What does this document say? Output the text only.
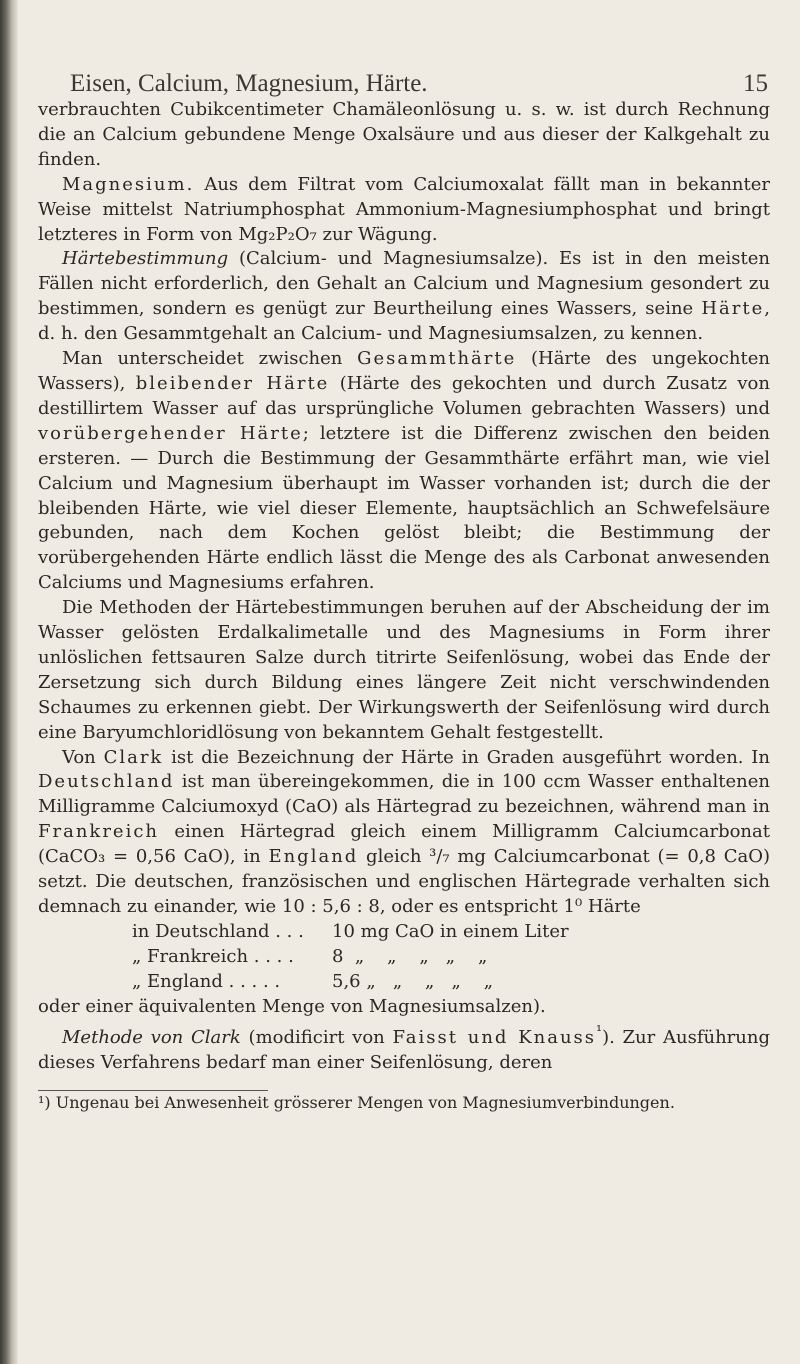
Eisen, Calcium, Magnesium, Härte.	15

verbrauchten Cubikcentimeter Chamäleonlösung u. s. w. ist durch Rechnung die an Calcium gebundene Menge Oxalsäure und aus dieser der Kalkgehalt zu finden.

Magnesium. Aus dem Filtrat vom Calciumoxalat fällt man in bekannter Weise mittelst Natriumphosphat Ammonium-Magnesiumphosphat und bringt letzteres in Form von Mg₂P₂O₇ zur Wägung.

Härtebestimmung (Calcium- und Magnesiumsalze). Es ist in den meisten Fällen nicht erforderlich, den Gehalt an Calcium und Magnesium gesondert zu bestimmen, sondern es genügt zur Beurtheilung eines Wassers, seine Härte, d. h. den Gesammtgehalt an Calcium- und Magnesiumsalzen, zu kennen.

Man unterscheidet zwischen Gesammthärte (Härte des ungekochten Wassers), bleibender Härte (Härte des gekochten und durch Zusatz von destillirtem Wasser auf das ursprüngliche Volumen gebrachten Wassers) und vorübergehender Härte; letztere ist die Differenz zwischen den beiden ersteren. — Durch die Bestimmung der Gesammthärte erfährt man, wie viel Calcium und Magnesium überhaupt im Wasser vorhanden ist; durch die der bleibenden Härte, wie viel dieser Elemente, hauptsächlich an Schwefelsäure gebunden, nach dem Kochen gelöst bleibt; die Bestimmung der vorübergehenden Härte endlich lässt die Menge des als Carbonat anwesenden Calciums und Magnesiums erfahren.

Die Methoden der Härtebestimmungen beruhen auf der Abscheidung der im Wasser gelösten Erdalkalimetalle und des Magnesiums in Form ihrer unlöslichen fettsauren Salze durch titrirte Seifenlösung, wobei das Ende der Zersetzung sich durch Bildung eines längere Zeit nicht verschwindenden Schaumes zu erkennen giebt. Der Wirkungswerth der Seifenlösung wird durch eine Baryumchloridlösung von bekanntem Gehalt festgestellt.

Von Clark ist die Bezeichnung der Härte in Graden ausgeführt worden. In Deutschland ist man übereingekommen, die in 100 ccm Wasser enthaltenen Milligramme Calciumoxyd (CaO) als Härtegrad zu bezeichnen, während man in Frankreich einen Härtegrad gleich einem Milligramm Calciumcarbonat (CaCO₃ = 0,56 CaO), in England gleich ³/₇ mg Calciumcarbonat (= 0,8 CaO) setzt. Die deutschen, französischen und englischen Härtegrade verhalten sich demnach zu einander, wie 10 : 5,6 : 8, oder es entspricht 1⁰ Härte

in Deutschland . . .	10 mg CaO in einem Liter
„ Frankreich . . . .	8  „    „    „   „    „
„ England . . . . .	5,6 „   „    „   „    „

oder einer äquivalenten Menge von Magnesiumsalzen).

Methode von Clark (modificirt von Faisst und Knauss$^{^1}$). Zur Ausführung dieses Verfahrens bedarf man einer Seifenlösung, deren

¹) Ungenau bei Anwesenheit grösserer Mengen von Magnesiumverbindungen.
